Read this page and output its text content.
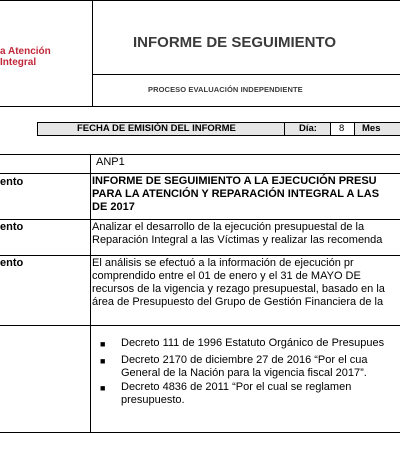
a Atención
Integral
INFORME DE SEGUIMIENTO
PROCESO EVALUACIÓN INDEPENDIENTE
FECHA DE EMISIÓN DEL INFORME	Día: 8 Mes
ANP1
ento	INFORME DE SEGUIMIENTO A LA EJECUCIÓN PRESU
PARA LA ATENCIÓN Y REPARACIÓN INTEGRAL A LAS
DE 2017
ento	Analizar el desarrollo de la ejecución presupuestal de la
Reparación Integral a las Víctimas y realizar las recomenda
ento	El análisis se efectuó a la información de ejecución pr
comprendido entre el 01 de enero y el 31 de MAYO DE
recursos de la vigencia y rezago presupuestal, basado en la
área de Presupuesto del Grupo de Gestión Financiera de la
■
■
■
Decreto 111 de 1996 Estatuto Orgánico de Presupues
Decreto 2170 de diciembre 27 de 2016 “Por el cua
General de la Nación para la vigencia fiscal 2017”.
Decreto 4836 de 2011 “Por el cual se reglamen
presupuesto.
